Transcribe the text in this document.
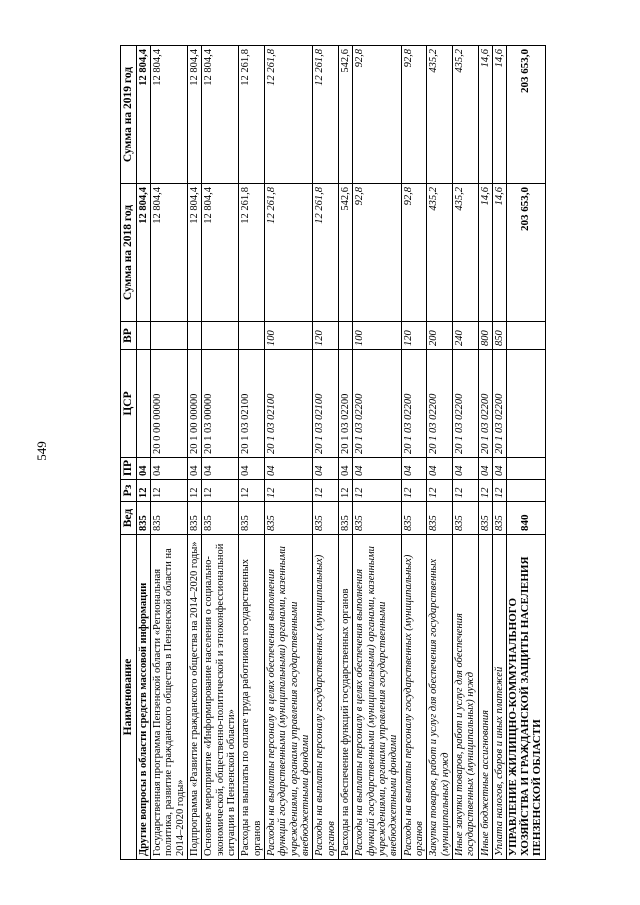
549
Наименование	Вед	Рз	ПР	ЦСР	ВР	Сумма на 2018 год	Сумма на 2019 год
Другие вопросы в области средств массовой информации	835	12	04			12 804,4	12 804,4
Государственная программа Пензенской области «Региональная политика, развитие гражданского общества в Пензенской области на 2014–2020 годы»	835	12	04	20 0 00 00000		12 804,4	12 804,4
Подпрограмма «Развитие гражданского общества на 2014–2020 годы»	835	12	04	20 1 00 00000		12 804,4	12 804,4
Основное мероприятие «Информирование населения о социально-экономической, общественно-политической и этноконфессиональной ситуации в Пензенской области»	835	12	04	20 1 03 00000		12 804,4	12 804,4
Расходы на выплаты по оплате труда работников государственных органов	835	12	04	20 1 03 02100		12 261,8	12 261,8
Расходы на выплаты персоналу в целях обеспечения выполнения функций государственными (муниципальными) органами, казенными учреждениями, органами управления государственными внебюджетными фондами	835	12	04	20 1 03 02100	100	12 261,8	12 261,8
Расходы на выплаты персоналу государственных (муниципальных) органов	835	12	04	20 1 03 02100	120	12 261,8	12 261,8
Расходы на обеспечение функций государственных органов	835	12	04	20 1 03 02200		542,6	542,6
Расходы на выплаты персоналу в целях обеспечения выполнения функций государственными (муниципальными) органами, казенными учреждениями, органами управления государственными внебюджетными фондами	835	12	04	20 1 03 02200	100	92,8	92,8
Расходы на выплаты персоналу государственных (муниципальных) органов	835	12	04	20 1 03 02200	120	92,8	92,8
Закупка товаров, работ и услуг для обеспечения государственных (муниципальных) нужд	835	12	04	20 1 03 02200	200	435,2	435,2
Иные закупки товаров, работ и услуг для обеспечения государственных (муниципальных) нужд	835	12	04	20 1 03 02200	240	435,2	435,2
Иные бюджетные ассигнования	835	12	04	20 1 03 02200	800	14,6	14,6
Уплата налогов, сборов и иных платежей	835	12	04	20 1 03 02200	850	14,6	14,6
УПРАВЛЕНИЕ ЖИЛИЩНО-КОММУНАЛЬНОГО ХОЗЯЙСТВА И ГРАЖДАНСКОЙ ЗАЩИТЫ НАСЕЛЕНИЯ ПЕНЗЕНСКОЙ ОБЛАСТИ	840					203 653,0	203 653,0
